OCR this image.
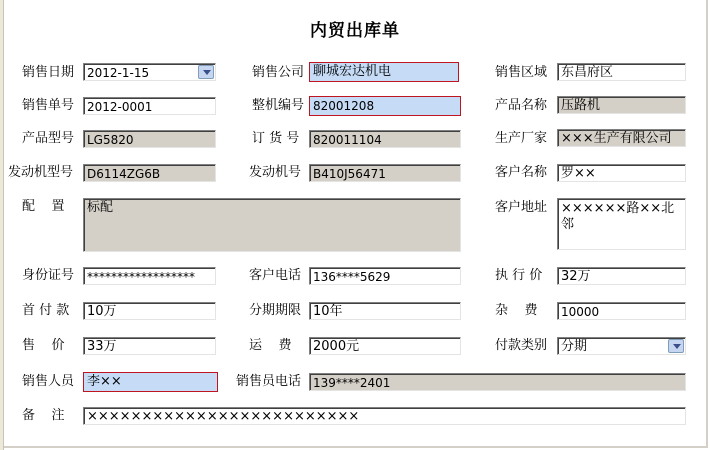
内贸出库单
销售日期	2012-1-15	销售公司 聊城宏达机电	销售区域	东昌府区
销售单号	2012-0001	整机编号 82001208	产品名称	压路机
产品型号	LG5820	订 货 号	820011104	生产厂家	×××生产有限公司
发动机型号	D6114ZG6B	发动机号 B410J56471	客户名称	罗××
配    置	标配	客户地址	××××××路××北邻
身份证号	******************	客户电话 136****5629	执 行 价	32万
首 付 款	10万	分期期限 10年	杂    费	10000
售    价	33万	运    费	2000元	付款类别	分期
销售人员 李××	销售员电话 139****2401
备    注	×××××××××××××××××××××××××
